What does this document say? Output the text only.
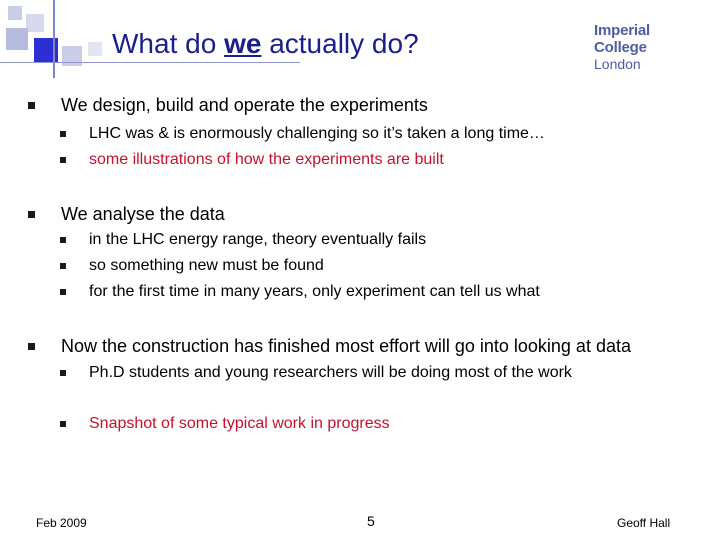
What do we actually do?	Imperial College
London
We design, build and operate the experiments
LHC was & is enormously challenging so it’s taken a long time…
some illustrations of how the experiments are built
We analyse the data
in the LHC energy range, theory eventually fails
so something new must be found
for the first time in many years, only experiment can tell us what
Now the construction has finished most effort will go into looking at data
Ph.D students and young researchers will be doing most of the work
Snapshot of some typical work in progress
Feb 2009	5	Geoff Hall
